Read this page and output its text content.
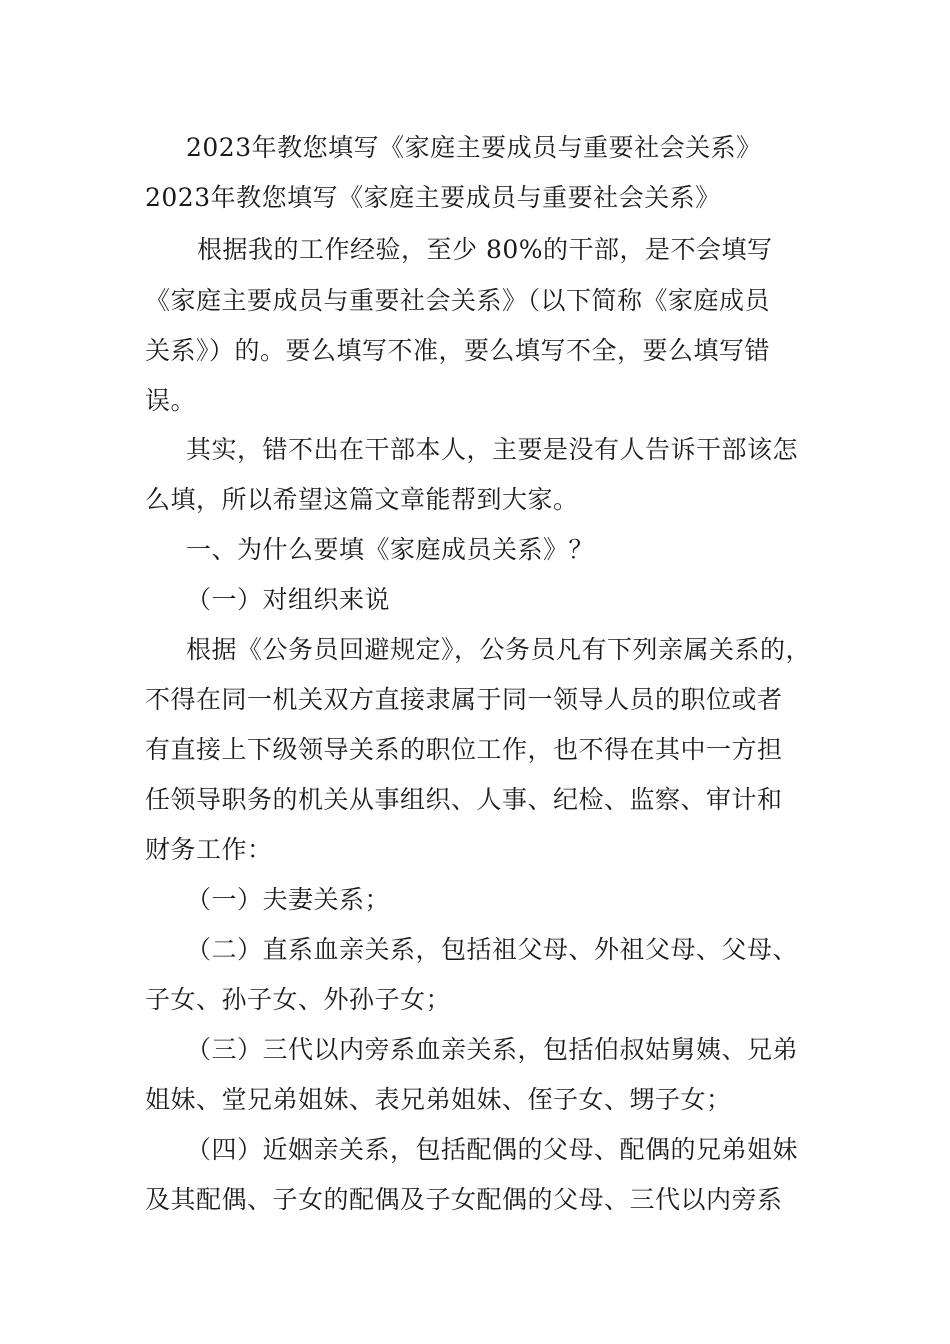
2023年教您填写《家庭主要成员与重要社会关系》
2023年教您填写《家庭主要成员与重要社会关系》
根据我的工作经验，至少 80%的干部，是不会填写
《家庭主要成员与重要社会关系》（以下简称《家庭成员
关系》）的。要么填写不准，要么填写不全，要么填写错
误。
其实，错不出在干部本人，主要是没有人告诉干部该怎
么填，所以希望这篇文章能帮到大家。
一、为什么要填《家庭成员关系》？
（一）对组织来说
根据《公务员回避规定》，公务员凡有下列亲属关系的，
不得在同一机关双方直接隶属于同一领导人员的职位或者
有直接上下级领导关系的职位工作，也不得在其中一方担
任领导职务的机关从事组织、人事、纪检、监察、审计和
财务工作：
（一）夫妻关系；
（二）直系血亲关系，包括祖父母、外祖父母、父母、
子女、孙子女、外孙子女；
（三）三代以内旁系血亲关系，包括伯叔姑舅姨、兄弟
姐妹、堂兄弟姐妹、表兄弟姐妹、侄子女、甥子女；
（四）近姻亲关系，包括配偶的父母、配偶的兄弟姐妹
及其配偶、子女的配偶及子女配偶的父母、三代以内旁系
